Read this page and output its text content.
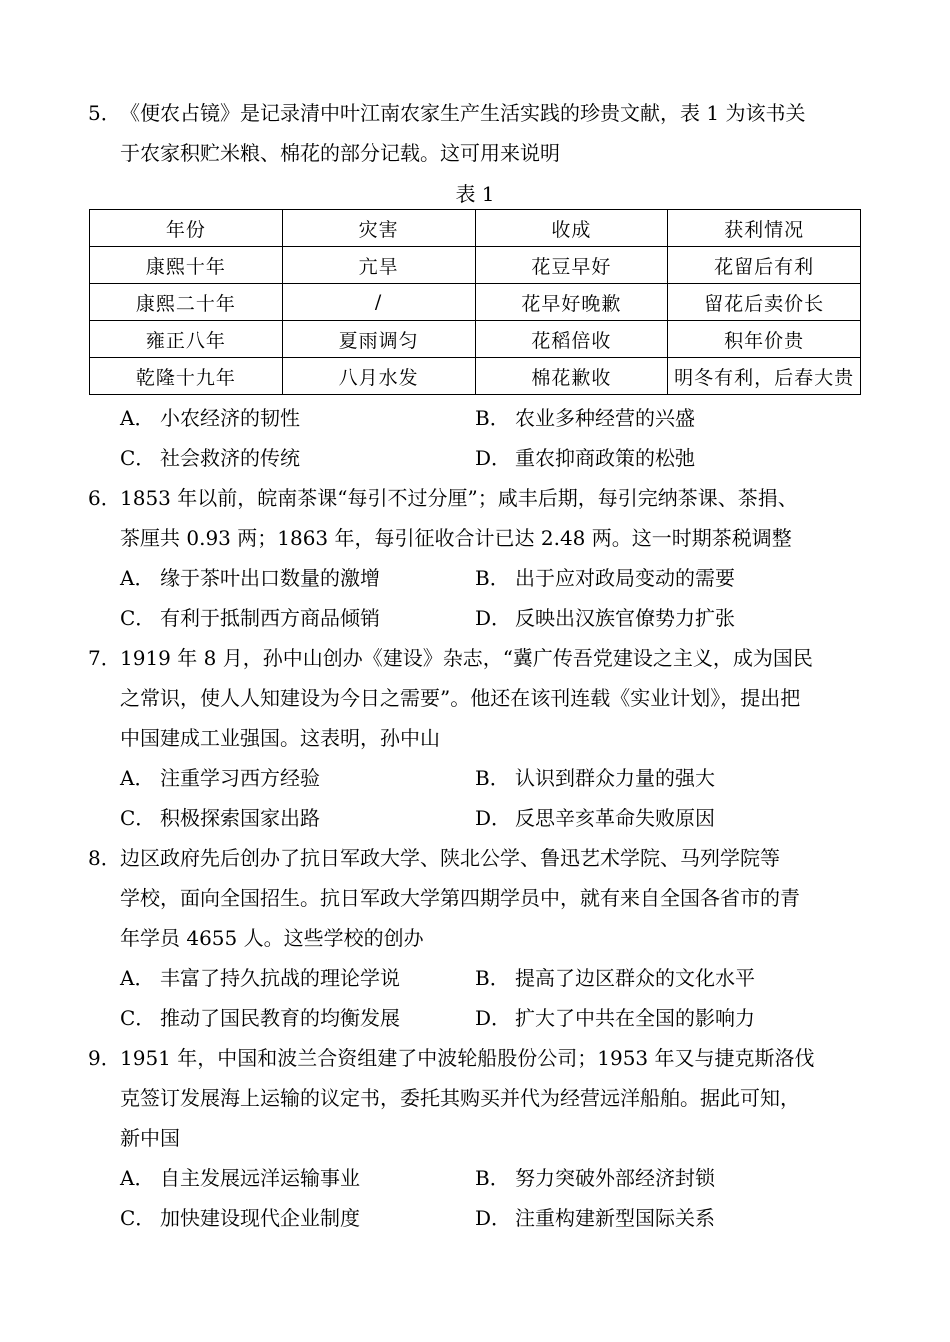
5．《便农占镜》是记录清中叶江南农家生产生活实践的珍贵文献，表 1 为该书关
于农家积贮米粮、棉花的部分记载。这可用来说明

表 1
年份	灾害	收成	获利情况
康熙十年	亢旱	花豆早好	花留后有利
康熙二十年	/	花早好晚歉	留花后卖价长
雍正八年	夏雨调匀	花稻倍收	积年价贵
乾隆十九年	八月水发	棉花歉收	明冬有利，后春大贵
A． 小农经济的韧性	B． 农业多种经营的兴盛
C． 社会救济的传统	D． 重农抑商政策的松弛

6．1853 年以前，皖南茶课“每引不过分厘”；咸丰后期，每引完纳茶课、茶捐、
茶厘共 0.93 两；1863 年，每引征收合计已达 2.48 两。这一时期茶税调整

A． 缘于茶叶出口数量的激增	B． 出于应对政局变动的需要
C． 有利于抵制西方商品倾销	D． 反映出汉族官僚势力扩张

7．1919 年 8 月，孙中山创办《建设》杂志，“冀广传吾党建设之主义，成为国民
之常识，使人人知建设为今日之需要”。他还在该刊连载《实业计划》，提出把
中国建成工业强国。这表明，孙中山

A． 注重学习西方经验	B． 认识到群众力量的强大
C． 积极探索国家出路	D． 反思辛亥革命失败原因

8．边区政府先后创办了抗日军政大学、陕北公学、鲁迅艺术学院、马列学院等
学校，面向全国招生。抗日军政大学第四期学员中，就有来自全国各省市的青
年学员 4655 人。这些学校的创办

A． 丰富了持久抗战的理论学说	B． 提高了边区群众的文化水平
C． 推动了国民教育的均衡发展	D． 扩大了中共在全国的影响力

9．1951 年，中国和波兰合资组建了中波轮船股份公司；1953 年又与捷克斯洛伐
克签订发展海上运输的议定书，委托其购买并代为经营远洋船舶。据此可知，
新中国

A． 自主发展远洋运输事业	B． 努力突破外部经济封锁
C． 加快建设现代企业制度	D． 注重构建新型国际关系
